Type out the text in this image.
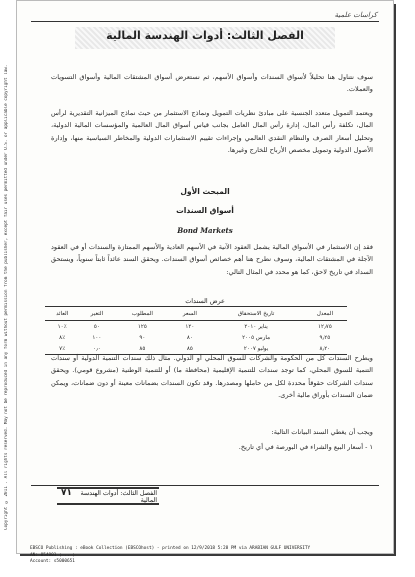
كراسات علمية
الفصل الثالث: أدوات الهندسة المالية
سوف نتناول هنا تحليلاً لأسواق السندات وأسواق الأسهم، ثم نستعرض أسواق المشتقات المالية وأسواق التسويات والعملات.
ويعتمد التمويل متعدد الجنسية على مبادئ نظريات التمويل ونماذج الاستثمار من حيث نماذج الميزانية التقديرية لرأس المال، تكلفة رأس المال، إدارة رأس المال العامل بجانب قياس أسواق المال العالمية والمؤسسات المالية الدولية، وتحليل أسعار الصرف والنظام النقدي العالمي وإجراءات تقييم الاستثمارات الدولية والمخاطر السياسية منها، وإدارة الأصول الدولية وتمويل مخصص الأرباح للخارج وغيرها.
المبحث الأول
أسواق السندات
Bond Markets
فقد إن الاستثمار في الأسواق المالية يشمل العقود الآنية في الأسهم العادية والأسهم الممتازة والسندات أو في العقود الآجلة في المشتقات المالية، وسوف نطرح هنا أهم خصائص أسواق السندات. ويحقق السند عائداً ثابتاً سنوياً، ويستحق السداد في تاريخ لاحق، كما هو محدد في المثال التالي:
عرض السندات
المعدل	تاريخ الاستحقاق	السعر	المطلوب	التغير	العائد
١٢٫٧٥	يناير ٢٠١٠	١٢٠	١٢٥	٥٠	٪١٠
٩٫٢٥	مارس ٢٠٠٥	٨٠	٩٠	١٠٠	٪٨
٨٫٢٠	يوليو ٢٠٠٧	٨٥	٨٥	٠٫٠	٪٧
ويطرح السندات كل من الحكومة والشركات للسوق المحلي أو الدولي. مثال ذلك سندات التنمية الدولية أو سندات التنمية للسوق المحلي، كما توجد سندات للتنمية الإقليمية (محافظة ما) أو للتنمية الوطنية (مشروع قومي). ويحقق سندات الشركات حقوقاً محددة لكل من حاملها ومصدرها. وقد تكون السندات بضمانات معينة أو دون ضمانات، ويمكن ضمان السندات بأوراق مالية أخرى.
ويجب أن يغطي السند البيانات التالية:
١ - أسعار البيع والشراء في البورصة في أي تاريخ.
٧١	الفصل الثالث: أدوات الهندسة المالية
Copyright © 2011 . All rights reserved. May not be reproduced in any form without permission from the publisher, except fair uses permitted under U.S. or applicable copyright law.
EBSCO Publishing : eBook Collection (EBSCOhost) - printed on 12/9/2018 5:28 PM via ARABIAN GULF UNIVERSITY
AN: 854001 ; .. ;
Account: s5000651
